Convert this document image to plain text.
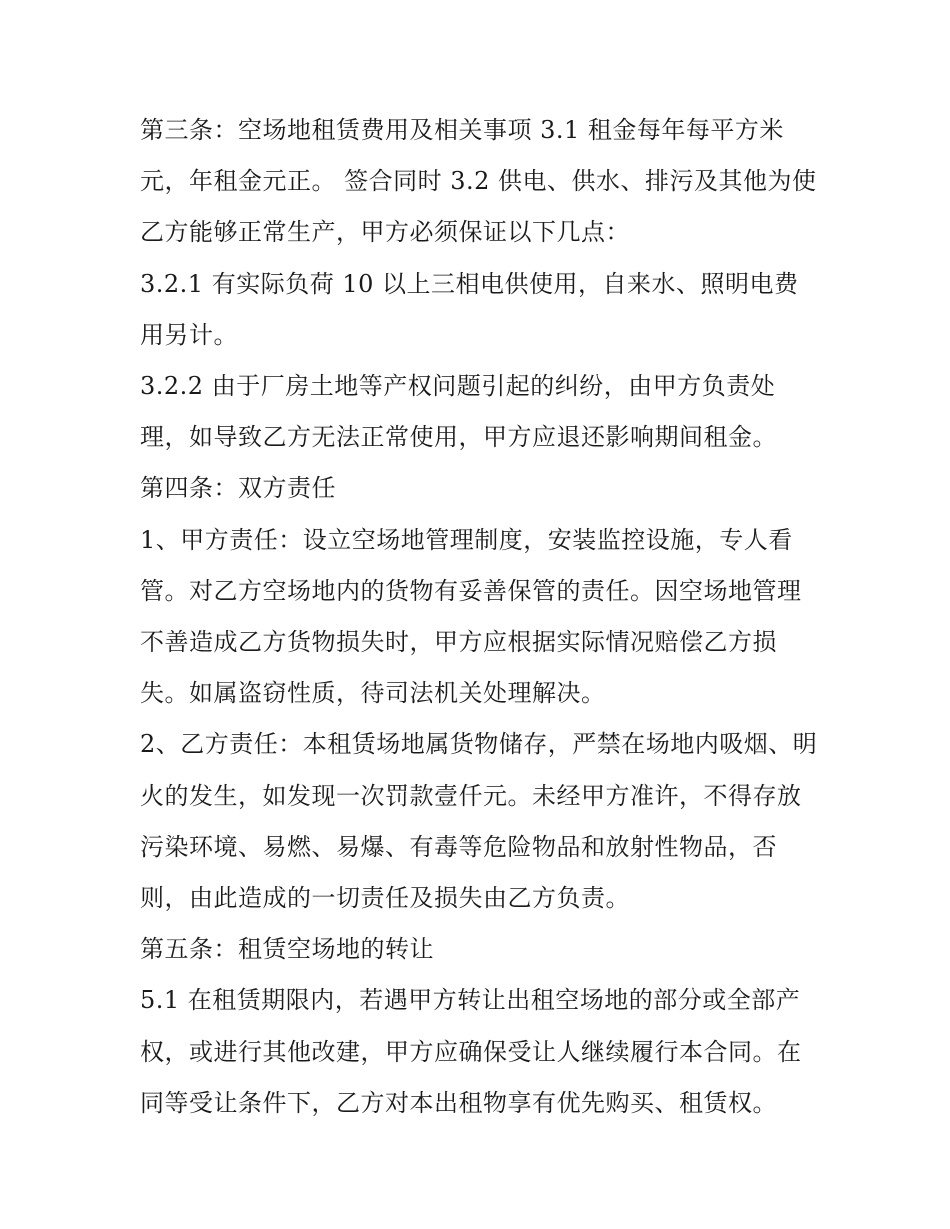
第三条：空场地租赁费用及相关事项 3.1 租金每年每平方米元，年租金元正。 签合同时 3.2 供电、供水、排污及其他为使乙方能够正常生产，甲方必须保证以下几点：

3.2.1 有实际负荷 10 以上三相电供使用，自来水、照明电费用另计。

3.2.2 由于厂房土地等产权问题引起的纠纷，由甲方负责处理，如导致乙方无法正常使用，甲方应退还影响期间租金。

第四条：双方责任

1、甲方责任：设立空场地管理制度，安装监控设施，专人看管。对乙方空场地内的货物有妥善保管的责任。因空场地管理不善造成乙方货物损失时，甲方应根据实际情况赔偿乙方损失。如属盗窃性质，待司法机关处理解决。

2、乙方责任：本租赁场地属货物储存，严禁在场地内吸烟、明火的发生，如发现一次罚款壹仟元。未经甲方准许，不得存放污染环境、易燃、易爆、有毒等危险物品和放射性物品，否则，由此造成的一切责任及损失由乙方负责。

第五条：租赁空场地的转让

5.1 在租赁期限内，若遇甲方转让出租空场地的部分或全部产权，或进行其他改建，甲方应确保受让人继续履行本合同。在同等受让条件下，乙方对本出租物享有优先购买、租赁权。
